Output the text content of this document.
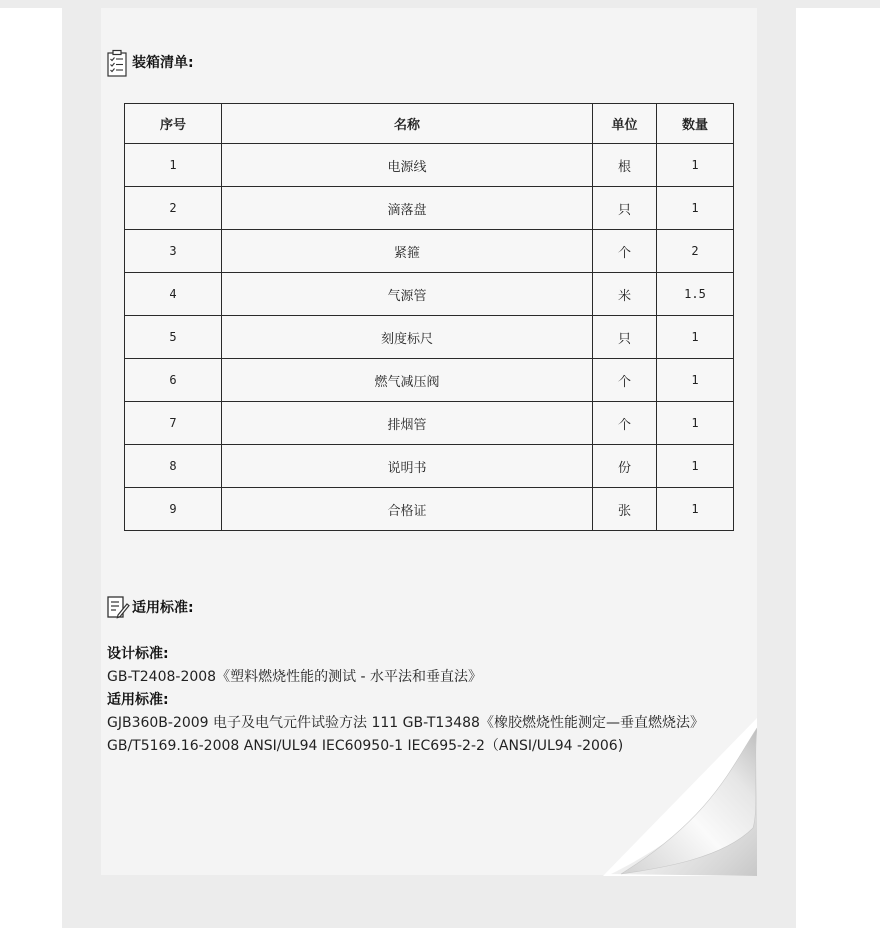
装箱清单:
序号	名称	单位	数量
1	电源线	根	1
2	滴落盘	只	1
3	紧箍	个	2
4	气源管	米	1.5
5	刻度标尺	只	1
6	燃气减压阀	个	1
7	排烟管	个	1
8	说明书	份	1
9	合格证	张	1
适用标准:
设计标准:
GB-T2408-2008《塑料燃烧性能的测试 - 水平法和垂直法》
适用标准:
GJB360B-2009 电子及电气元件试验方法 111 GB-T13488《橡胶燃烧性能测定—垂直燃烧法》
GB/T5169.16-2008 ANSI/UL94 IEC60950-1 IEC695-2-2（ANSI/UL94 -2006)
